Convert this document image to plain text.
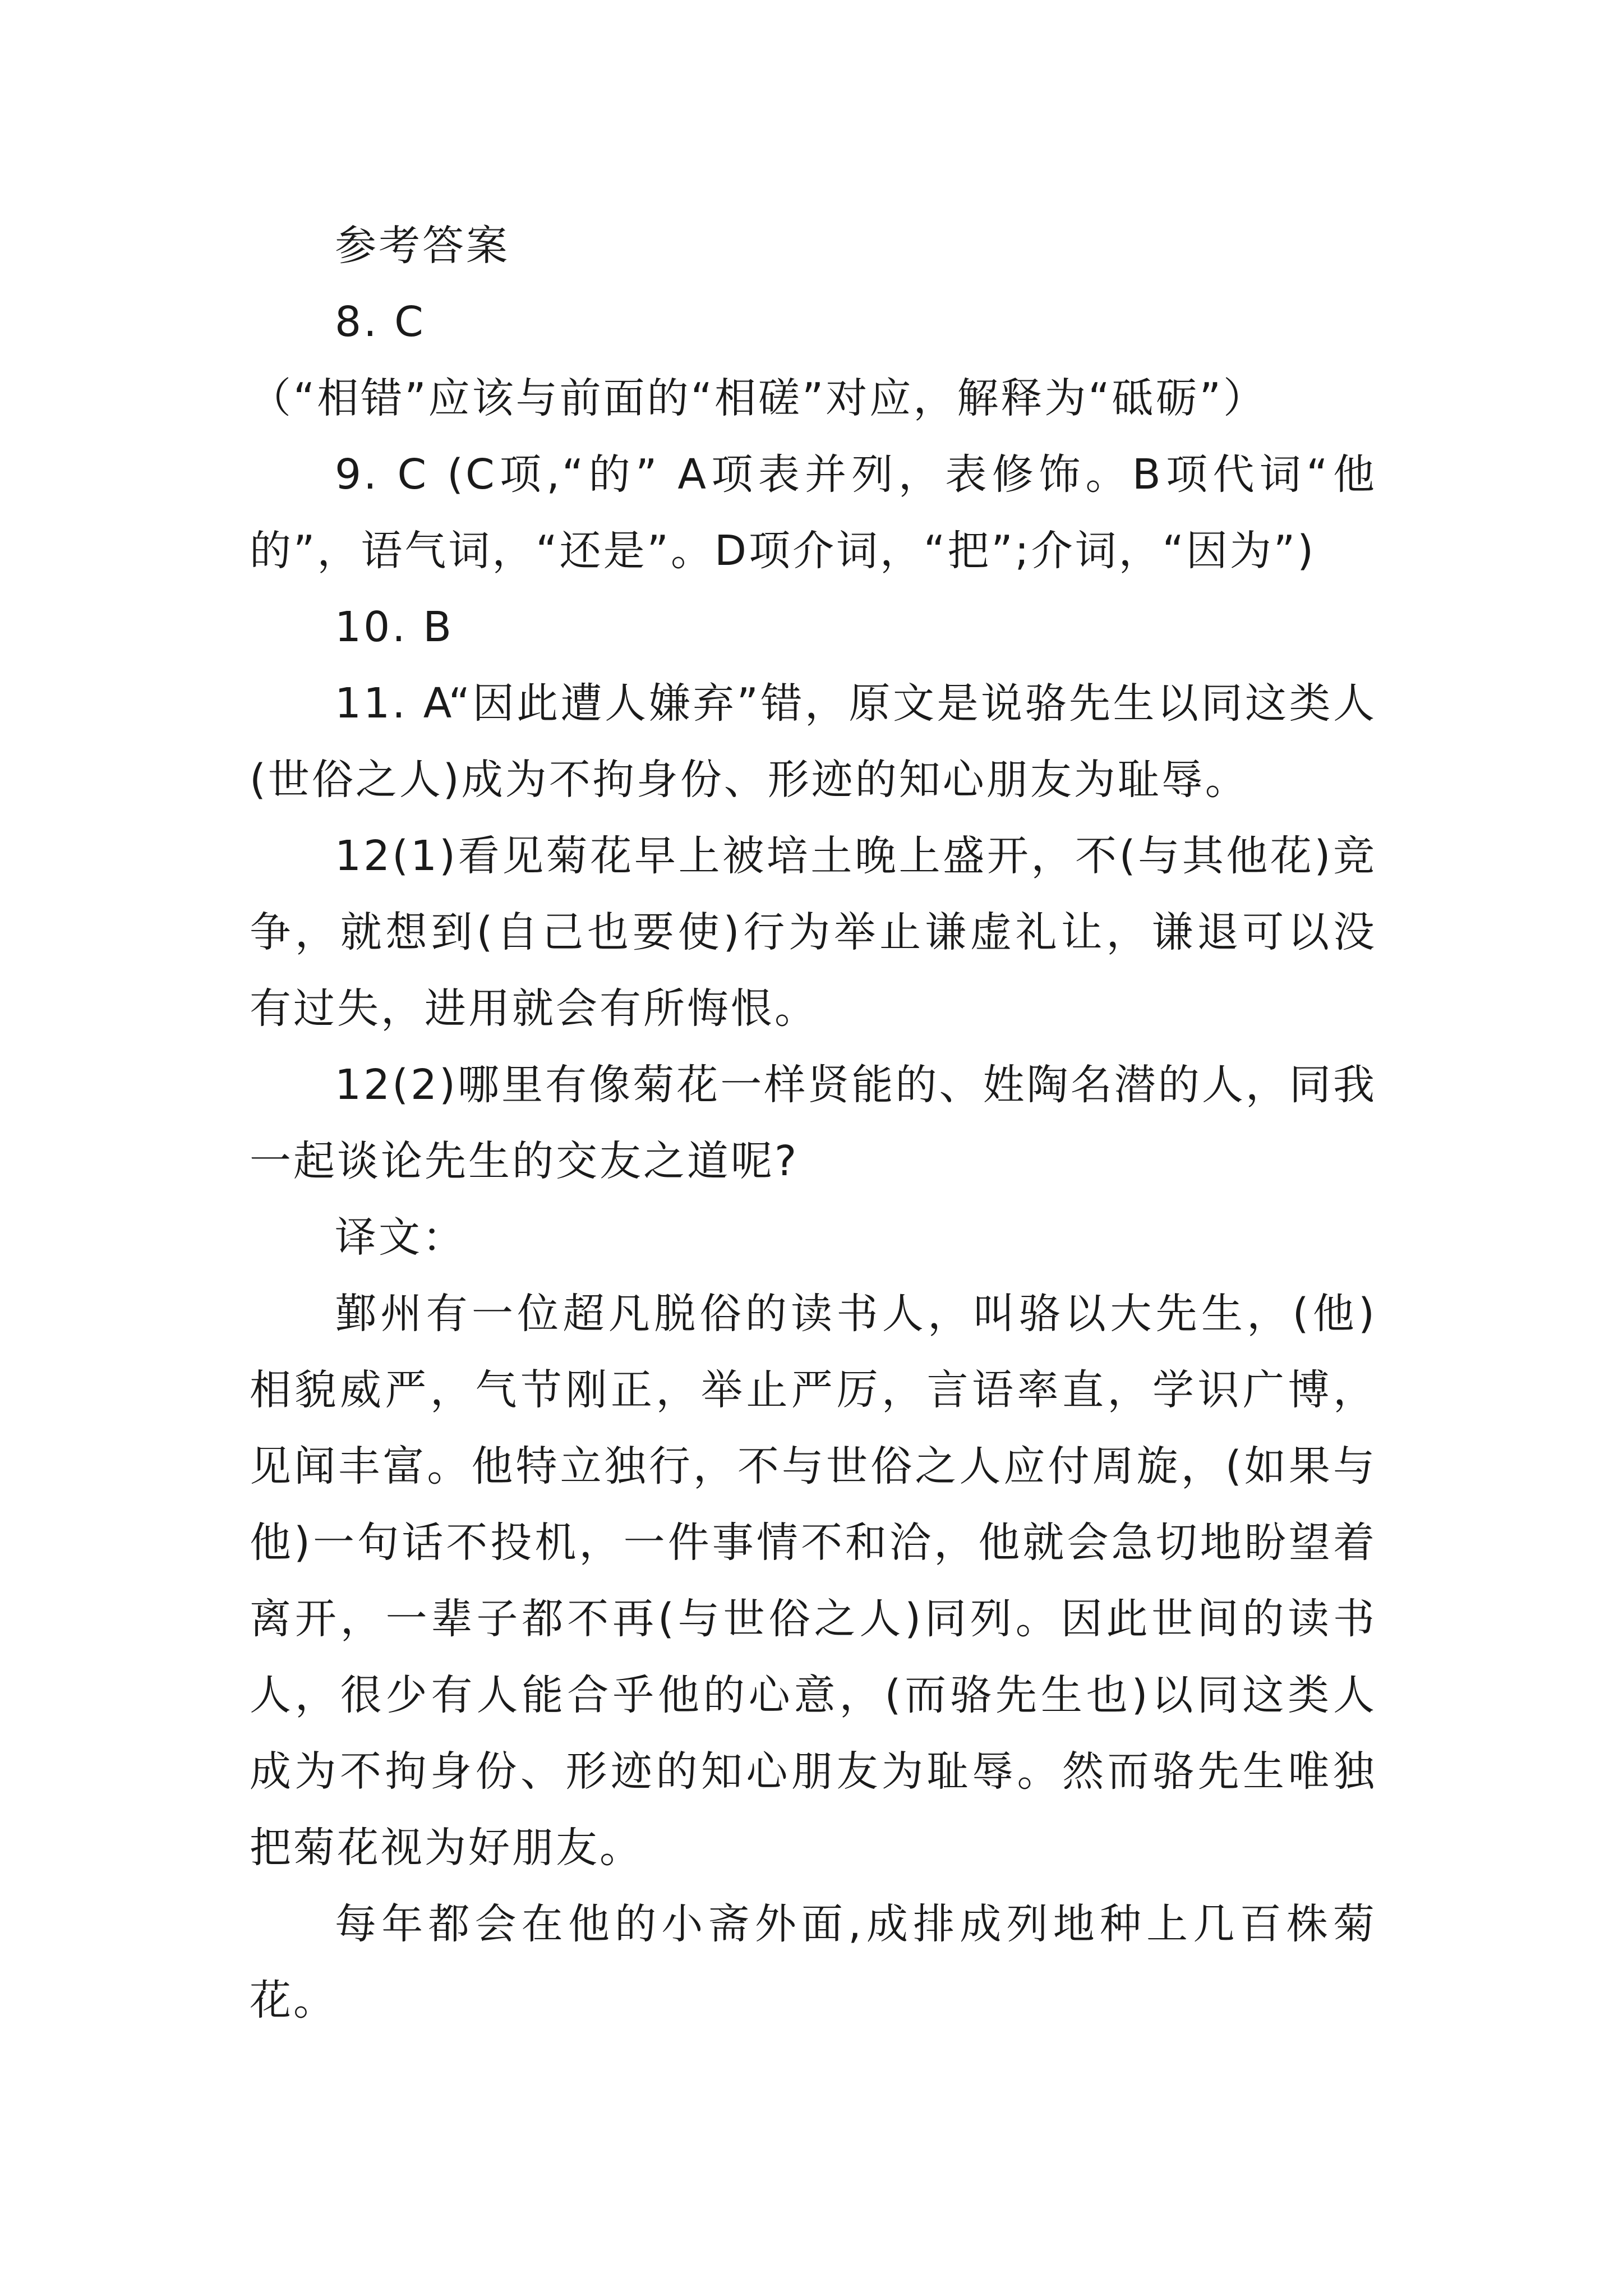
参考答案

8. C

（“相错”应该与前面的“相磋”对应，解释为“砥砺”）

9. C (C项,“的” A项表并列，表修饰。B项代词“他的”，语气词，“还是”。D项介词，“把”;介词，“因为”)

10. B

11. A“因此遭人嫌弃”错，原文是说骆先生以同这类人(世俗之人)成为不拘身份、形迹的知心朋友为耻辱。

12(1)看见菊花早上被培土晚上盛开，不(与其他花)竞争，就想到(自己也要使)行为举止谦虚礼让，谦退可以没有过失，进用就会有所悔恨。

12(2)哪里有像菊花一样贤能的、姓陶名潜的人，同我一起谈论先生的交友之道呢?

译文：

鄞州有一位超凡脱俗的读书人，叫骆以大先生，(他)相貌威严，气节刚正，举止严厉，言语率直，学识广博，见闻丰富。他特立独行，不与世俗之人应付周旋，(如果与他)一句话不投机，一件事情不和洽，他就会急切地盼望着离开，一辈子都不再(与世俗之人)同列。因此世间的读书人，很少有人能合乎他的心意，(而骆先生也)以同这类人成为不拘身份、形迹的知心朋友为耻辱。然而骆先生唯独把菊花视为好朋友。

每年都会在他的小斋外面,成排成列地种上几百株菊花。
